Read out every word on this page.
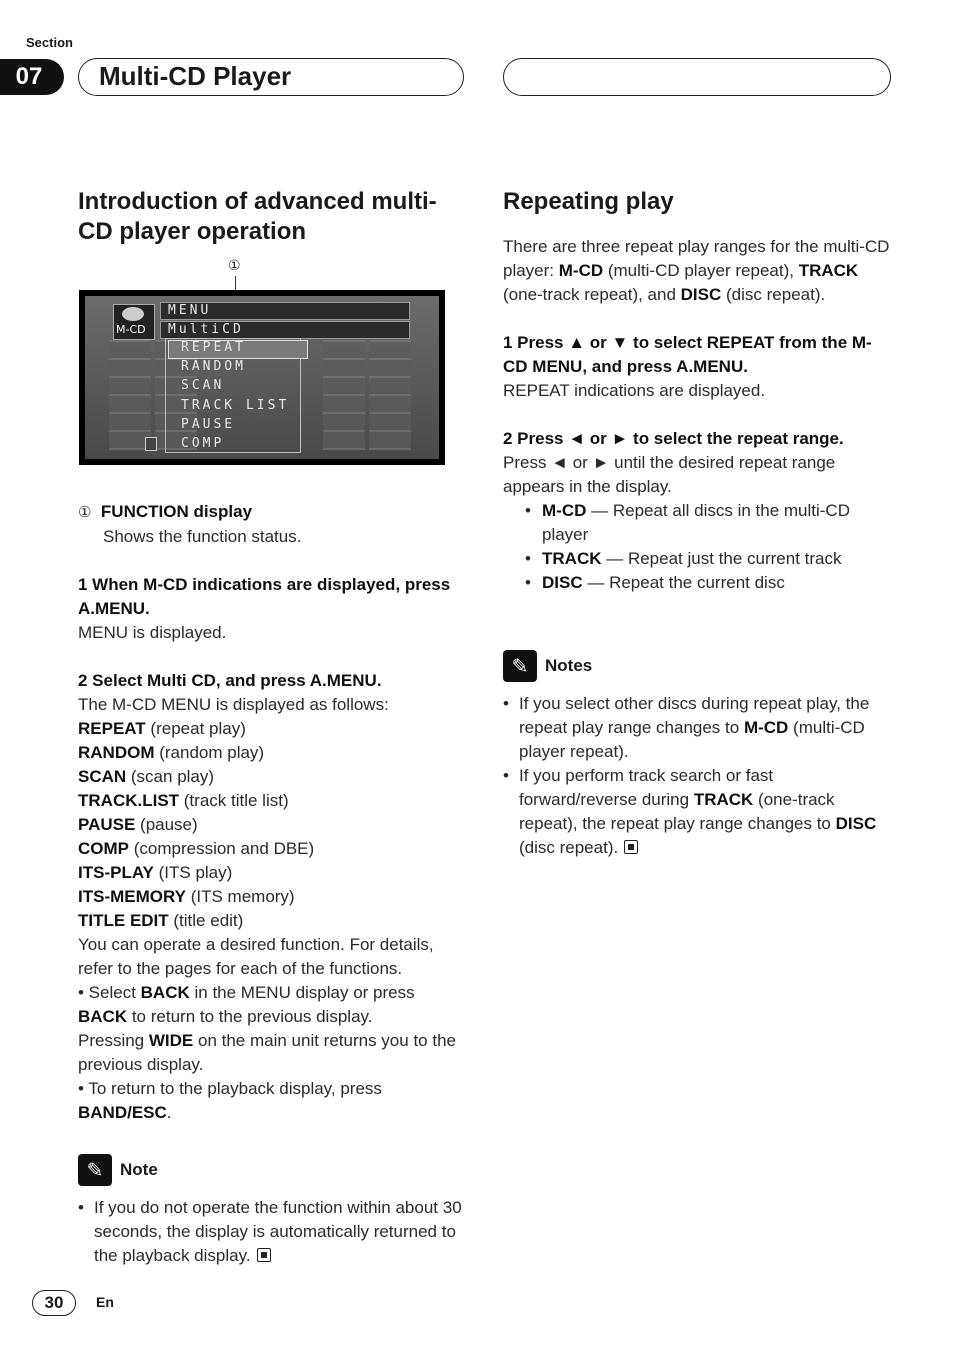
Section
07	Multi-CD Player
Introduction of advanced multi-CD player operation
①
M-CD
MENU
MultiCD
REPEAT
RANDOM
SCAN
TRACK LIST
PAUSE
COMP
① FUNCTION display
Shows the function status.
1 When M-CD indications are displayed, press A.MENU.
MENU is displayed.
2 Select Multi CD, and press A.MENU.
The M-CD MENU is displayed as follows:
REPEAT (repeat play)
RANDOM (random play)
SCAN (scan play)
TRACK.LIST (track title list)
PAUSE (pause)
COMP (compression and DBE)
ITS-PLAY (ITS play)
ITS-MEMORY (ITS memory)
TITLE EDIT (title edit)
You can operate a desired function. For details, refer to the pages for each of the functions.
• Select BACK in the MENU display or press BACK to return to the previous display.
Pressing WIDE on the main unit returns you to the previous display.
• To return to the playback display, press BAND/ESC.
✎ Note
• If you do not operate the function within about 30 seconds, the display is automatically returned to the playback display.
Repeating play
There are three repeat play ranges for the multi-CD player: M-CD (multi-CD player repeat), TRACK (one-track repeat), and DISC (disc repeat).
1 Press ▲ or ▼ to select REPEAT from the M-CD MENU, and press A.MENU.
REPEAT indications are displayed.
2 Press ◄ or ► to select the repeat range.
Press ◄ or ► until the desired repeat range appears in the display.
• M-CD — Repeat all discs in the multi-CD player
• TRACK — Repeat just the current track
• DISC — Repeat the current disc
✎ Notes
• If you select other discs during repeat play, the repeat play range changes to M-CD (multi-CD player repeat).
• If you perform track search or fast forward/reverse during TRACK (one-track repeat), the repeat play range changes to DISC (disc repeat).
30	En
